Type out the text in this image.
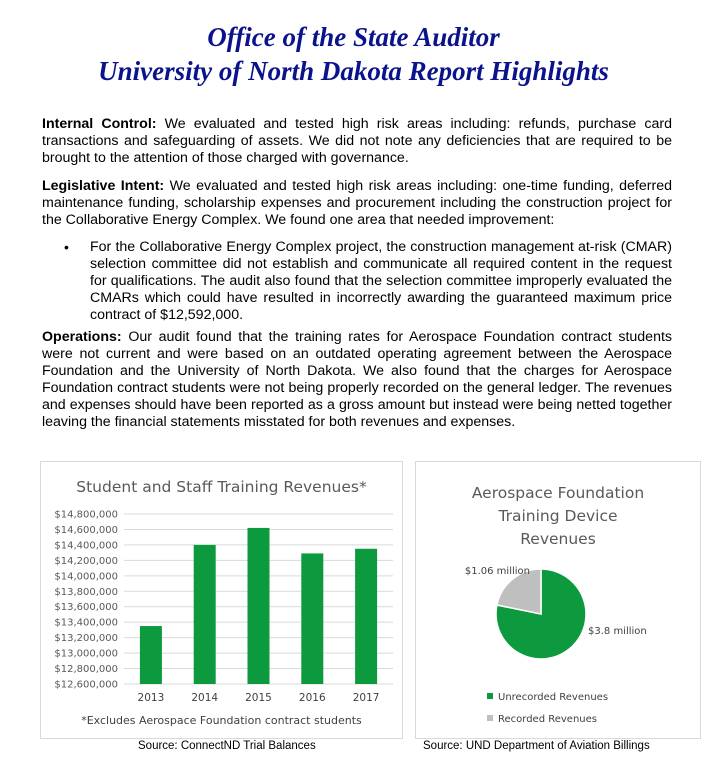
Office of the State Auditor
University of North Dakota Report Highlights
Internal Control: We evaluated and tested high risk areas including: refunds, purchase card transactions and safeguarding of assets. We did not note any deficiencies that are required to be brought to the attention of those charged with governance.
Legislative Intent: We evaluated and tested high risk areas including: one-time funding, deferred maintenance funding, scholarship expenses and procurement including the construction project for the Collaborative Energy Complex. We found one area that needed improvement:
• For the Collaborative Energy Complex project, the construction management at-risk (CMAR) selection committee did not establish and communicate all required content in the request for qualifications. The audit also found that the selection committee improperly evaluated the CMARs which could have resulted in incorrectly awarding the guaranteed maximum price contract of $12,592,000.
Operations: Our audit found that the training rates for Aerospace Foundation contract students were not current and were based on an outdated operating agreement between the Aerospace Foundation and the University of North Dakota. We also found that the charges for Aerospace Foundation contract students were not being properly recorded on the general ledger. The revenues and expenses should have been reported as a gross amount but instead were being netted together leaving the financial statements misstated for both revenues and expenses.
Student and Staff Training Revenues*
$12,600,000
$12,800,000
$13,000,000
$13,200,000
$13,400,000
$13,600,000
$13,800,000
$14,000,000
$14,200,000
$14,400,000
$14,600,000
$14,800,000
2013	2014	2015	2016	2017
*Excludes Aerospace Foundation contract students
Aerospace Foundation
Training Device
Revenues
$3.8 million
$1.06 million
Unrecorded Revenues
Recorded Revenues
Source: ConnectND Trial Balances	Source: UND Department of Aviation Billings
